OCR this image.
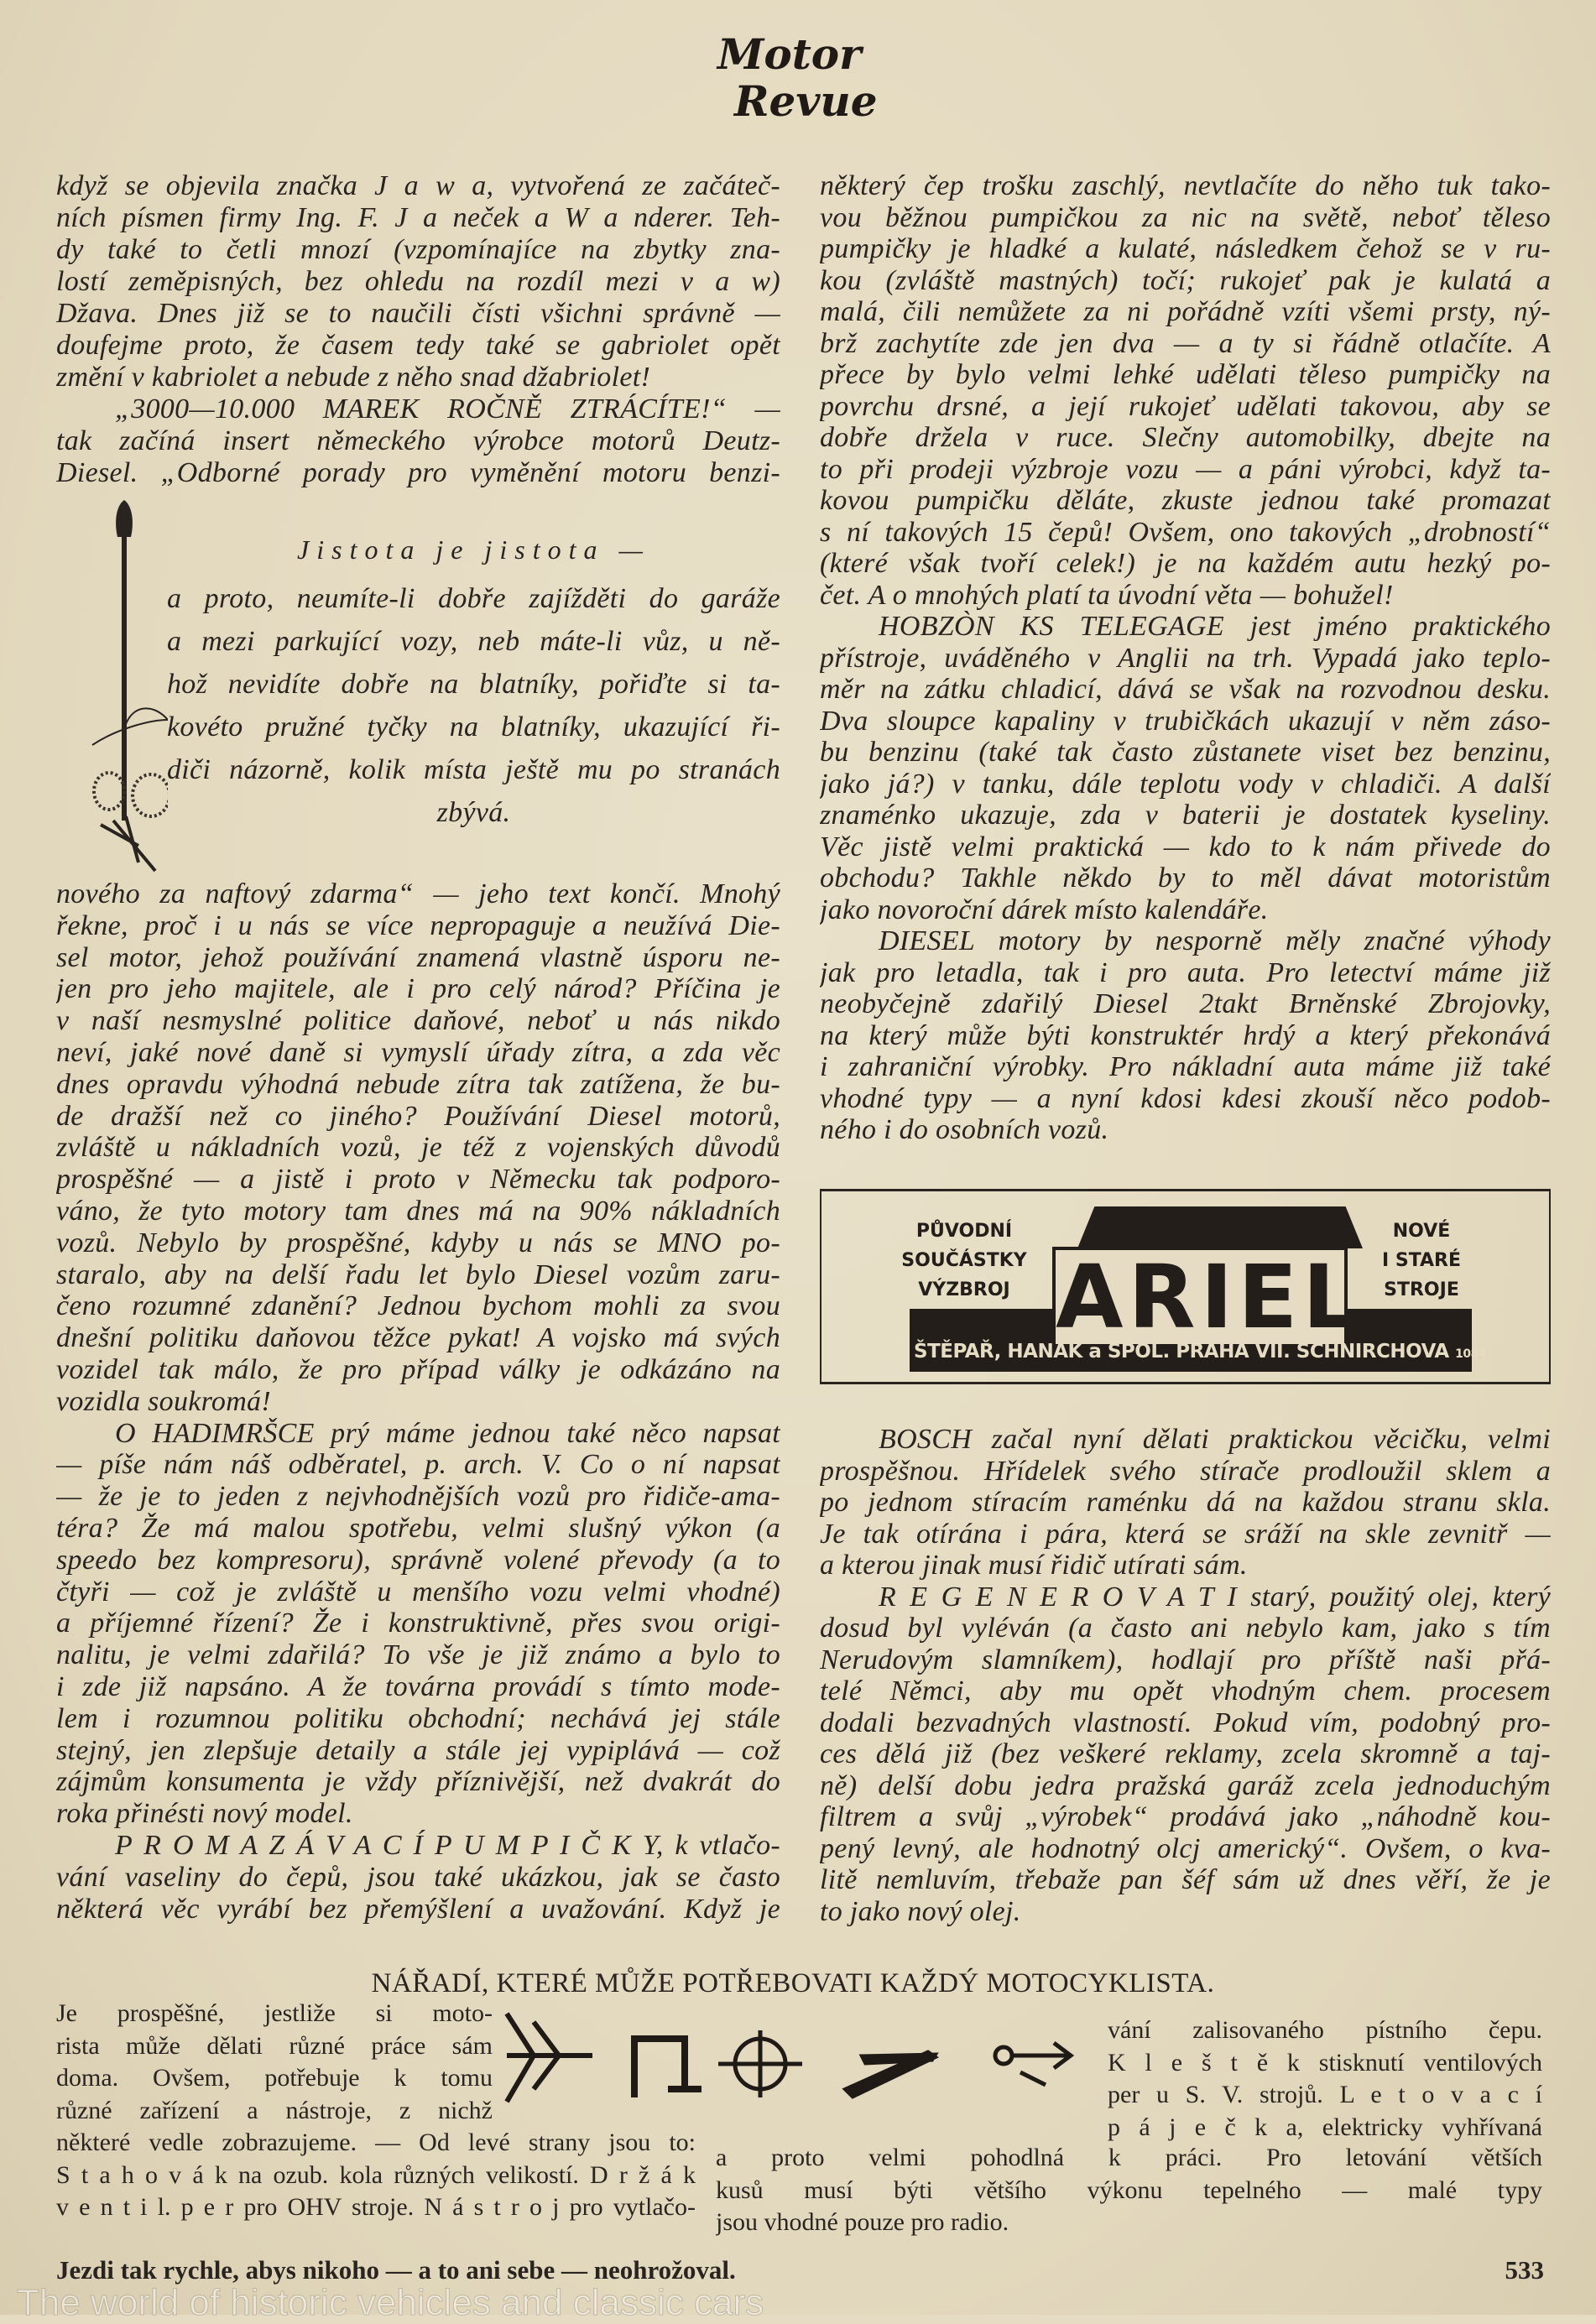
Motor
Revue
když se objevila značka J a w a, vytvořená ze začáteč-
ních písmen firmy Ing. F. J a neček a W a nderer. Teh-
dy také to četli mnozí (vzpomínajíce na zbytky zna-
lostí zeměpisných, bez ohledu na rozdíl mezi v a w)
Džava. Dnes již se to naučili čísti všichni správně —
doufejme proto, že časem tedy také se gabriolet opět
změní v kabriolet a nebude z něho snad džabriolet!
„3000—10.000 MAREK ROČNĚ ZTRÁCÍTE!“ —
tak začíná insert německého výrobce motorů Deutz-
Diesel. „Odborné porady pro vyměnění motoru benzi-
Jistota je jistota —
a proto, neumíte-li dobře zajížděti do garáže
a mezi parkující vozy, neb máte-li vůz, u ně-
hož nevidíte dobře na blatníky, pořiďte si ta-
kovéto pružné tyčky na blatníky, ukazující ři-
diči názorně, kolik místa ještě mu po stranách
zbývá.
nového za naftový zdarma“ — jeho text končí. Mnohý
řekne, proč i u nás se více nepropaguje a neužívá Die-
sel motor, jehož používání znamená vlastně úsporu ne-
jen pro jeho majitele, ale i pro celý národ? Příčina je
v naší nesmyslné politice daňové, neboť u nás nikdo
neví, jaké nové daně si vymyslí úřady zítra, a zda věc
dnes opravdu výhodná nebude zítra tak zatížena, že bu-
de dražší než co jiného? Používání Diesel motorů,
zvláště u nákladních vozů, je též z vojenských důvodů
prospěšné — a jistě i proto v Německu tak podporo-
váno, že tyto motory tam dnes má na 90% nákladních
vozů. Nebylo by prospěšné, kdyby u nás se MNO po-
staralo, aby na delší řadu let bylo Diesel vozům zaru-
čeno rozumné zdanění? Jednou bychom mohli za svou
dnešní politiku daňovou těžce pykat! A vojsko má svých
vozidel tak málo, že pro případ války je odkázáno na
vozidla soukromá!
O HADIMRŠCE prý máme jednou také něco napsat
— píše nám náš odběratel, p. arch. V. Co o ní napsat
— že je to jeden z nejvhodnějších vozů pro řidiče-ama-
téra? Že má malou spotřebu, velmi slušný výkon (a
speedo bez kompresoru), správně volené převody (a to
čtyři — což je zvláště u menšího vozu velmi vhodné)
a příjemné řízení? Že i konstruktivně, přes svou origi-
nalitu, je velmi zdařilá? To vše je již známo a bylo to
i zde již napsáno. A že továrna provádí s tímto mode-
lem i rozumnou politiku obchodní; nechává jej stále
stejný, jen zlepšuje detaily a stále jej vypiplává — což
zájmům konsumenta je vždy příznivější, než dvakrát do
roka přinésti nový model.
P R O M A Z Á V A C Í P U M P I Č K Y, k vtlačo-
vání vaseliny do čepů, jsou také ukázkou, jak se často
některá věc vyrábí bez přemýšlení a uvažování. Když je
některý čep trošku zaschlý, nevtlačíte do něho tuk tako-
vou běžnou pumpičkou za nic na světě, neboť těleso
pumpičky je hladké a kulaté, následkem čehož se v ru-
kou (zvláště mastných) točí; rukojeť pak je kulatá a
malá, čili nemůžete za ni pořádně vzíti všemi prsty, ný-
brž zachytíte zde jen dva — a ty si řádně otlačíte. A
přece by bylo velmi lehké udělati těleso pumpičky na
povrchu drsné, a její rukojeť udělati takovou, aby se
dobře držela v ruce. Slečny automobilky, dbejte na
to při prodeji výzbroje vozu — a páni výrobci, když ta-
kovou pumpičku děláte, zkuste jednou také promazat
s ní takových 15 čepů! Ovšem, ono takových „drobností“
(které však tvoří celek!) je na každém autu hezký po-
čet. A o mnohých platí ta úvodní věta — bohužel!
HOBZÒN KS TELEGAGE jest jméno praktického
přístroje, uváděného v Anglii na trh. Vypadá jako teplo-
měr na zátku chladicí, dává se však na rozvodnou desku.
Dva sloupce kapaliny v trubičkách ukazují v něm záso-
bu benzinu (také tak často zůstanete viset bez benzinu,
jako já?) v tanku, dále teplotu vody v chladiči. A další
znaménko ukazuje, zda v baterii je dostatek kyseliny.
Věc jistě velmi praktická — kdo to k nám přivede do
obchodu? Takhle někdo by to měl dávat motoristům
jako novoroční dárek místo kalendáře.
DIESEL motory by nesporně měly značné výhody
jak pro letadla, tak i pro auta. Pro letectví máme již
neobyčejně zdařilý Diesel 2takt Brněnské Zbrojovky,
na který může býti konstruktér hrdý a který překonává
i zahraniční výrobky. Pro nákladní auta máme již také
vhodné typy — a nyní kdosi kdesi zkouší něco podob-
ného i do osobních vozů.
PŮVODNÍ
SOUČÁSTKY
VÝZBROJ ARIEL
NOVÉ
I STARÉ
STROJE
ŠTĚPAŘ, HANÁK a SPOL. PRAHA VII. SCHNIRCHOVA 1084
BOSCH začal nyní dělati praktickou věcičku, velmi
prospěšnou. Hřídelek svého stírače prodloužil sklem a
po jednom stíracím raménku dá na každou stranu skla.
Je tak otírána i pára, která se sráží na skle zevnitř —
a kterou jinak musí řidič utírati sám.
R E G E N E R O V A T I starý, použitý olej, který
dosud byl vyléván (a často ani nebylo kam, jako s tím
Nerudovým slamníkem), hodlají pro příště naši přá-
telé Němci, aby mu opět vhodným chem. procesem
dodali bezvadných vlastností. Pokud vím, podobný pro-
ces dělá již (bez veškeré reklamy, zcela skromně a taj-
ně) delší dobu jedra pražská garáž zcela jednoduchým
filtrem a svůj „výrobek“ prodává jako „náhodně kou-
pený levný, ale hodnotný olcj americký“. Ovšem, o kva-
litě nemluvím, třebaže pan šéf sám už dnes věří, že je
to jako nový olej.
NÁŘADÍ, KTERÉ MŮŽE POTŘEBOVATI KAŽDÝ MOTOCYKLISTA.
Je prospěšné, jestliže si moto-
rista může dělati různé práce sám
doma. Ovšem, potřebuje k tomu
různé zařízení a nástroje, z nichž
některé vedle zobrazujeme. — Od levé strany jsou to:
S t a h o v á k na ozub. kola různých velikostí. D r ž á k
v e n t i l. p e r pro OHV stroje. N á s t r o j pro vytlačo-
vání zalisovaného pístního čepu.
K l e š t ě k stisknutí ventilových
per u S. V. strojů. L e t o v a c í
p á j e č k a, elektricky vyhřívaná
a proto velmi pohodlná k práci. Pro letování větších
kusů musí býti většího výkonu tepelného — malé typy
jsou vhodné pouze pro radio.
Jezdi tak rychle, abys nikoho — a to ani sebe — neohrožoval.	533
The world of historic vehicles and classic cars
